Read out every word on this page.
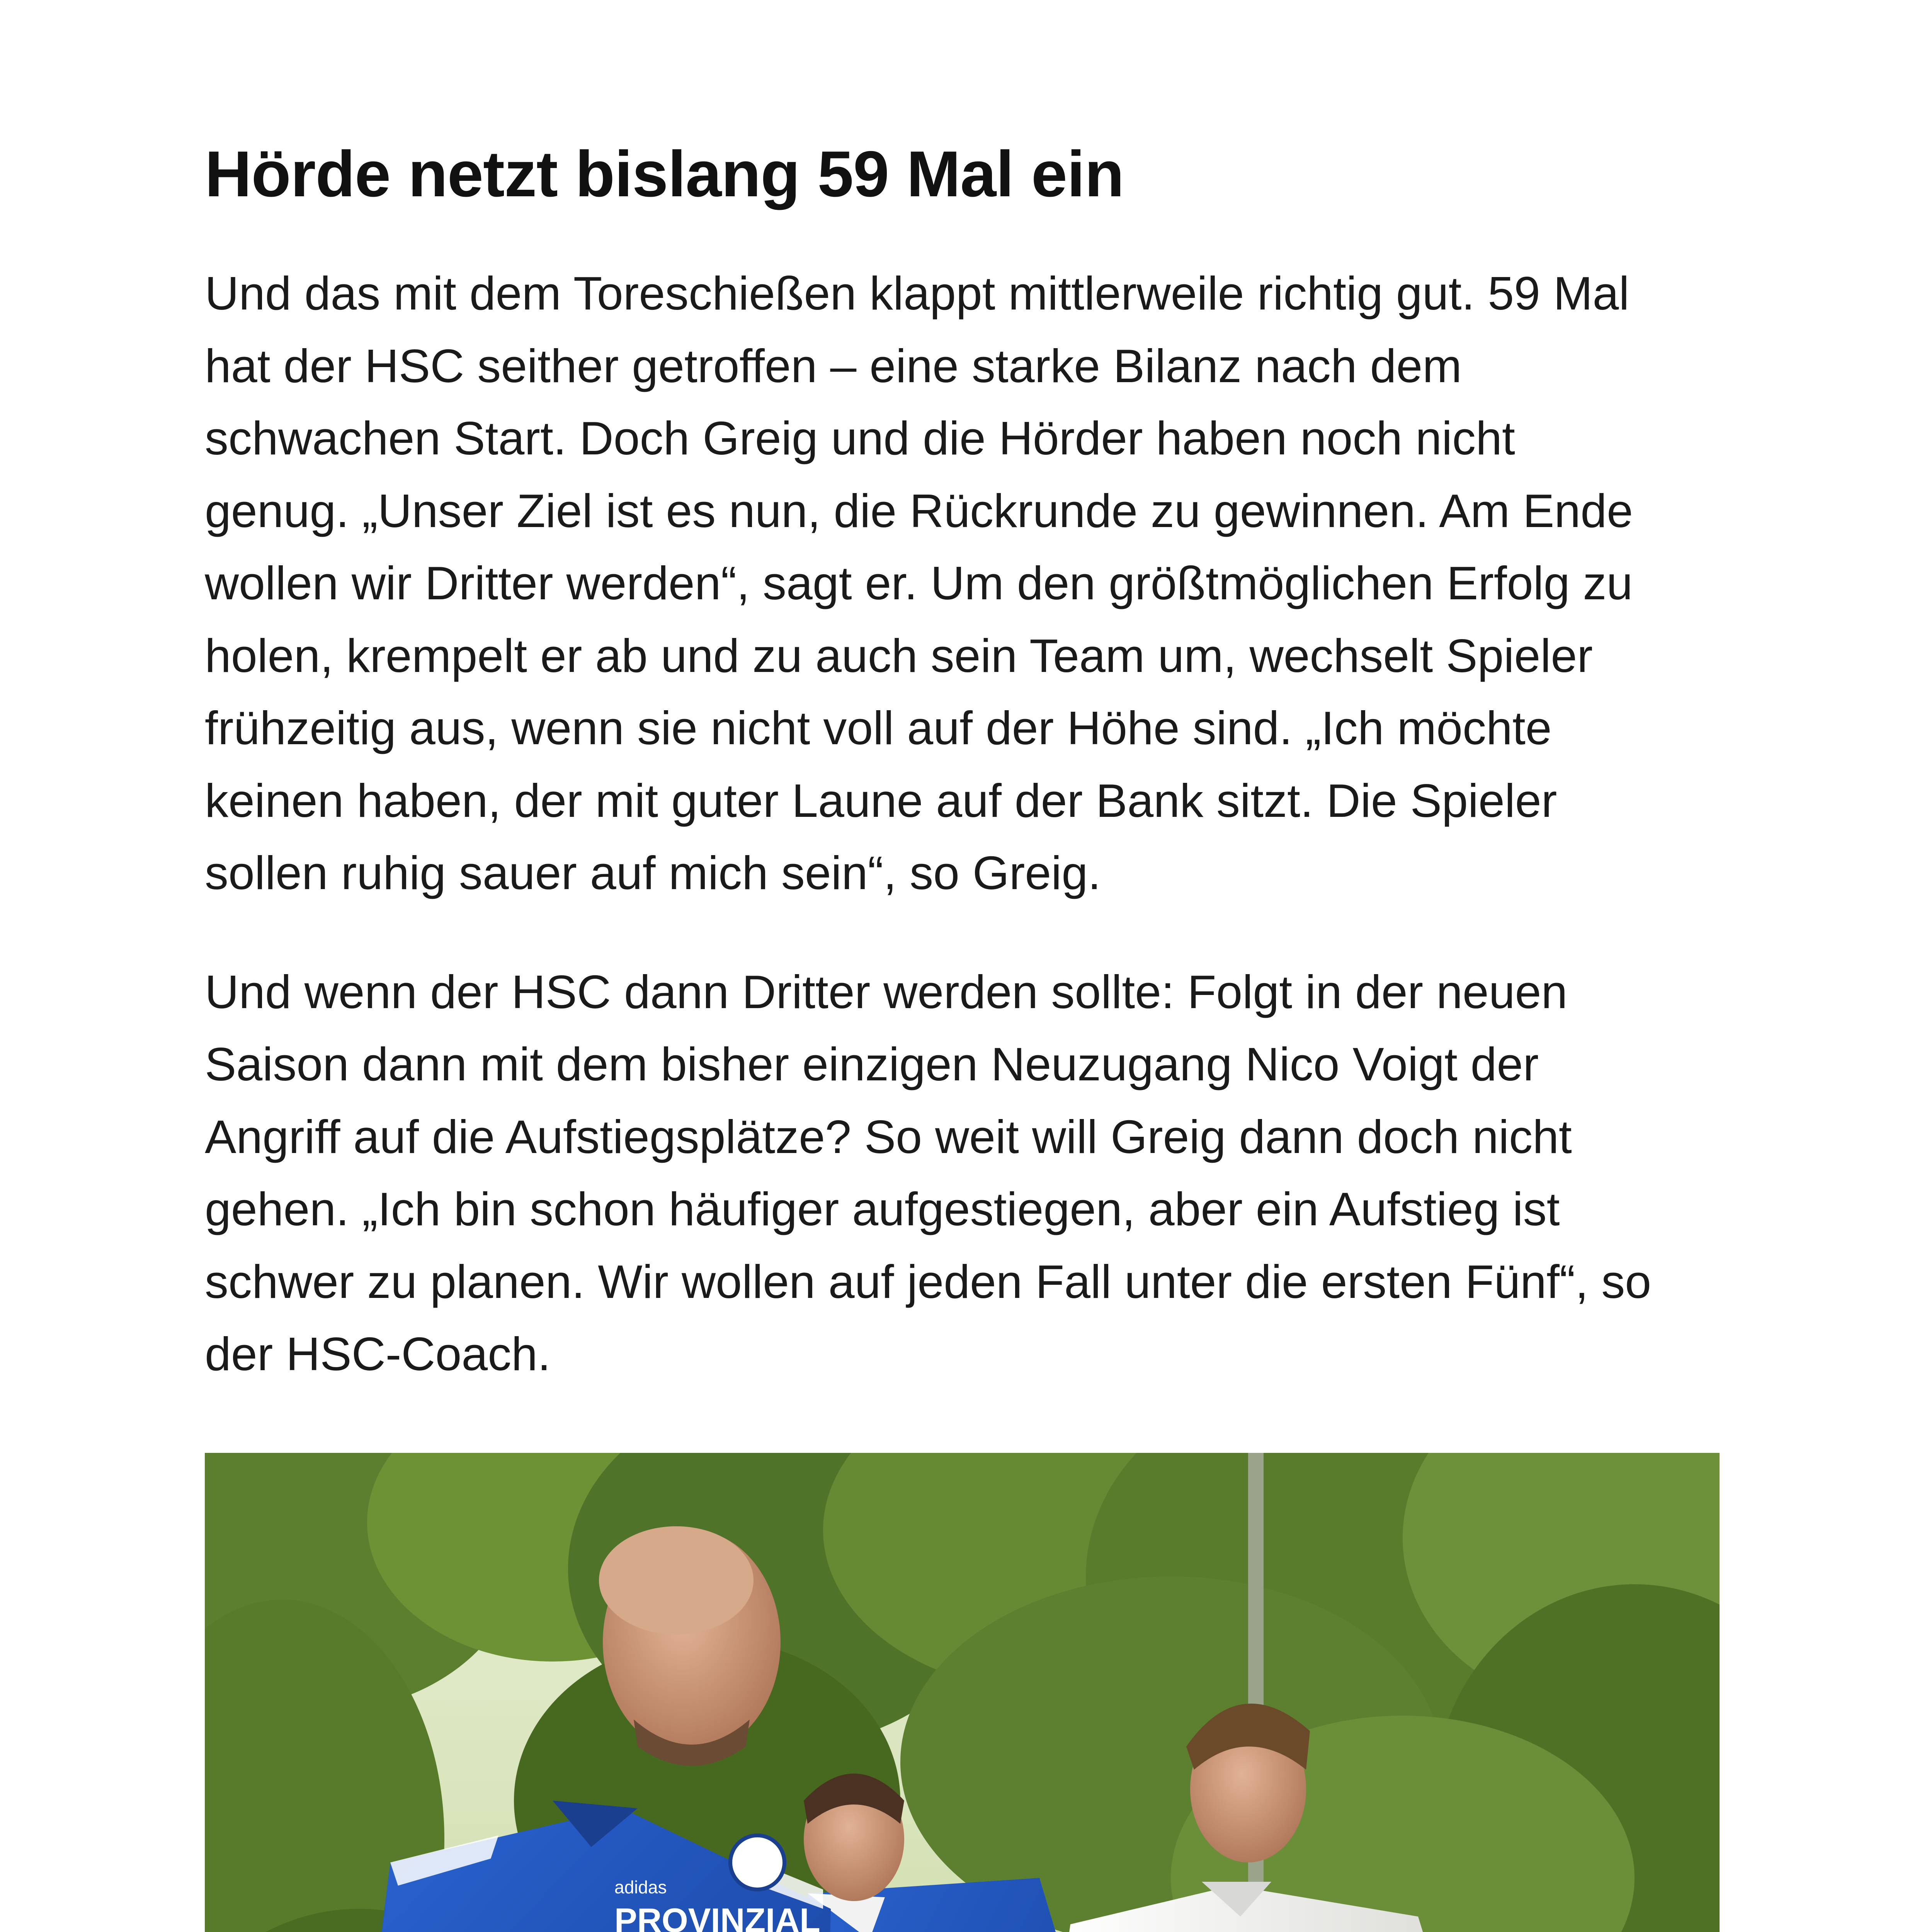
Hörde netzt bislang 59 Mal ein

Und das mit dem Toreschießen klappt mittlerweile richtig gut. 59 Mal
hat der HSC seither getroffen – eine starke Bilanz nach dem
schwachen Start. Doch Greig und die Hörder haben noch nicht
genug. „Unser Ziel ist es nun, die Rückrunde zu gewinnen. Am Ende
wollen wir Dritter werden“, sagt er. Um den größtmöglichen Erfolg zu
holen, krempelt er ab und zu auch sein Team um, wechselt Spieler
frühzeitig aus, wenn sie nicht voll auf der Höhe sind. „Ich möchte
keinen haben, der mit guter Laune auf der Bank sitzt. Die Spieler
sollen ruhig sauer auf mich sein“, so Greig.

Und wenn der HSC dann Dritter werden sollte: Folgt in der neuen
Saison dann mit dem bisher einzigen Neuzugang Nico Voigt der
Angriff auf die Aufstiegsplätze? So weit will Greig dann doch nicht
gehen. „Ich bin schon häufiger aufgestiegen, aber ein Aufstieg ist
schwer zu planen. Wir wollen auf jeden Fall unter die ersten Fünf“, so
der HSC-Coach.

adidas
PROVINZIAL
